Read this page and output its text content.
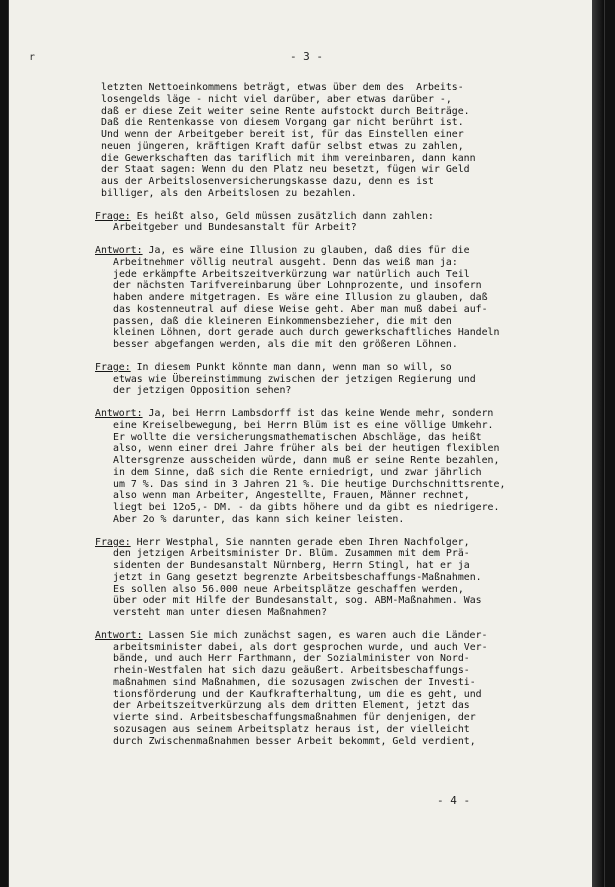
r	- 3 -
letzten Nettoeinkommens beträgt, etwas über dem des  Arbeits-
losengelds läge - nicht viel darüber, aber etwas darüber -,
daß er diese Zeit weiter seine Rente aufstockt durch Beiträge.
Daß die Rentenkasse von diesem Vorgang gar nicht berührt ist.
Und wenn der Arbeitgeber bereit ist, für das Einstellen einer
neuen jüngeren, kräftigen Kraft dafür selbst etwas zu zahlen,
die Gewerkschaften das tariflich mit ihm vereinbaren, dann kann
der Staat sagen: Wenn du den Platz neu besetzt, fügen wir Geld
aus der Arbeitslosenversicherungskasse dazu, denn es ist
billiger, als den Arbeitslosen zu bezahlen.
Frage: Es heißt also, Geld müssen zusätzlich dann zahlen:
Arbeitgeber und Bundesanstalt für Arbeit?
Antwort: Ja, es wäre eine Illusion zu glauben, daß dies für die
Arbeitnehmer völlig neutral ausgeht. Denn das weiß man ja:
jede erkämpfte Arbeitszeitverkürzung war natürlich auch Teil
der nächsten Tarifvereinbarung über Lohnprozente, und insofern
haben andere mitgetragen. Es wäre eine Illusion zu glauben, daß
das kostenneutral auf diese Weise geht. Aber man muß dabei auf-
passen, daß die kleineren Einkommensbezieher, die mit den
kleinen Löhnen, dort gerade auch durch gewerkschaftliches Handeln
besser abgefangen werden, als die mit den größeren Löhnen.
Frage: In diesem Punkt könnte man dann, wenn man so will, so
etwas wie Übereinstimmung zwischen der jetzigen Regierung und
der jetzigen Opposition sehen?
Antwort: Ja, bei Herrn Lambsdorff ist das keine Wende mehr, sondern
eine Kreiselbewegung, bei Herrn Blüm ist es eine völlige Umkehr.
Er wollte die versicherungsmathematischen Abschläge, das heißt
also, wenn einer drei Jahre früher als bei der heutigen flexiblen
Altersgrenze ausscheiden würde, dann muß er seine Rente bezahlen,
in dem Sinne, daß sich die Rente erniedrigt, und zwar jährlich
um 7 %. Das sind in 3 Jahren 21 %. Die heutige Durchschnittsrente,
also wenn man Arbeiter, Angestellte, Frauen, Männer rechnet,
liegt bei 12o5,- DM. - da gibts höhere und da gibt es niedrigere.
Aber 2o % darunter, das kann sich keiner leisten.
Frage: Herr Westphal, Sie nannten gerade eben Ihren Nachfolger,
den jetzigen Arbeitsminister Dr. Blüm. Zusammen mit dem Prä-
sidenten der Bundesanstalt Nürnberg, Herrn Stingl, hat er ja
jetzt in Gang gesetzt begrenzte Arbeitsbeschaffungs-Maßnahmen.
Es sollen also 56.000 neue Arbeitsplätze geschaffen werden,
über oder mit Hilfe der Bundesanstalt, sog. ABM-Maßnahmen. Was
versteht man unter diesen Maßnahmen?
Antwort: Lassen Sie mich zunächst sagen, es waren auch die Länder-
arbeitsminister dabei, als dort gesprochen wurde, und auch Ver-
bände, und auch Herr Farthmann, der Sozialminister von Nord-
rhein-Westfalen hat sich dazu geäußert. Arbeitsbeschaffungs-
maßnahmen sind Maßnahmen, die sozusagen zwischen der Investi-
tionsförderung und der Kaufkrafterhaltung, um die es geht, und
der Arbeitszeitverkürzung als dem dritten Element, jetzt das
vierte sind. Arbeitsbeschaffungsmaßnahmen für denjenigen, der
sozusagen aus seinem Arbeitsplatz heraus ist, der vielleicht
durch Zwischenmaßnahmen besser Arbeit bekommt, Geld verdient,
- 4 -
